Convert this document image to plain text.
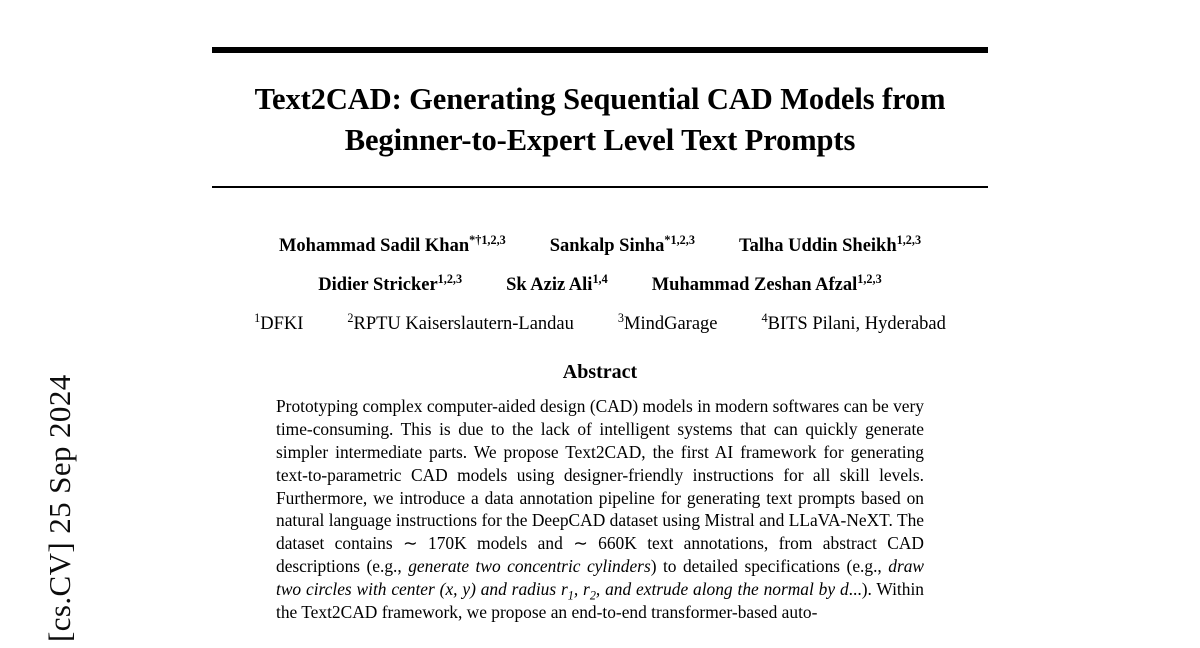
[cs.CV] 25 Sep 2024
Text2CAD: Generating Sequential CAD Models from
Beginner-to-Expert Level Text Prompts
Mohammad Sadil Khan$^{*\dagger 1,2,3}$ Sankalp Sinha$^{*1,2,3}$ Talha Uddin Sheikh$^{1,2,3}$
Didier Stricker$^{1,2,3}$ Sk Aziz Ali$^{1,4}$ Muhammad Zeshan Afzal$^{1,2,3}$
$^1$DFKI	$^2$RPTU Kaiserslautern-Landau	$^3$MindGarage	$^4$BITS Pilani, Hyderabad
Abstract
Prototyping complex computer-aided design (CAD) models in modern softwares can be very time-consuming. This is due to the lack of intelligent systems that can quickly generate simpler intermediate parts. We propose Text2CAD, the first AI framework for generating text-to-parametric CAD models using designer-friendly instructions for all skill levels. Furthermore, we introduce a data annotation pipeline for generating text prompts based on natural language instructions for the DeepCAD dataset using Mistral and LLaVA-NeXT. The dataset contains ∼ 170K models and ∼ 660K text annotations, from abstract CAD descriptions (e.g., generate two concentric cylinders) to detailed specifications (e.g., draw two circles with center (x, y) and radius $r_1$, $r_2$, and extrude along the normal by d...). Within the Text2CAD framework, we propose an end-to-end transformer-based auto-
